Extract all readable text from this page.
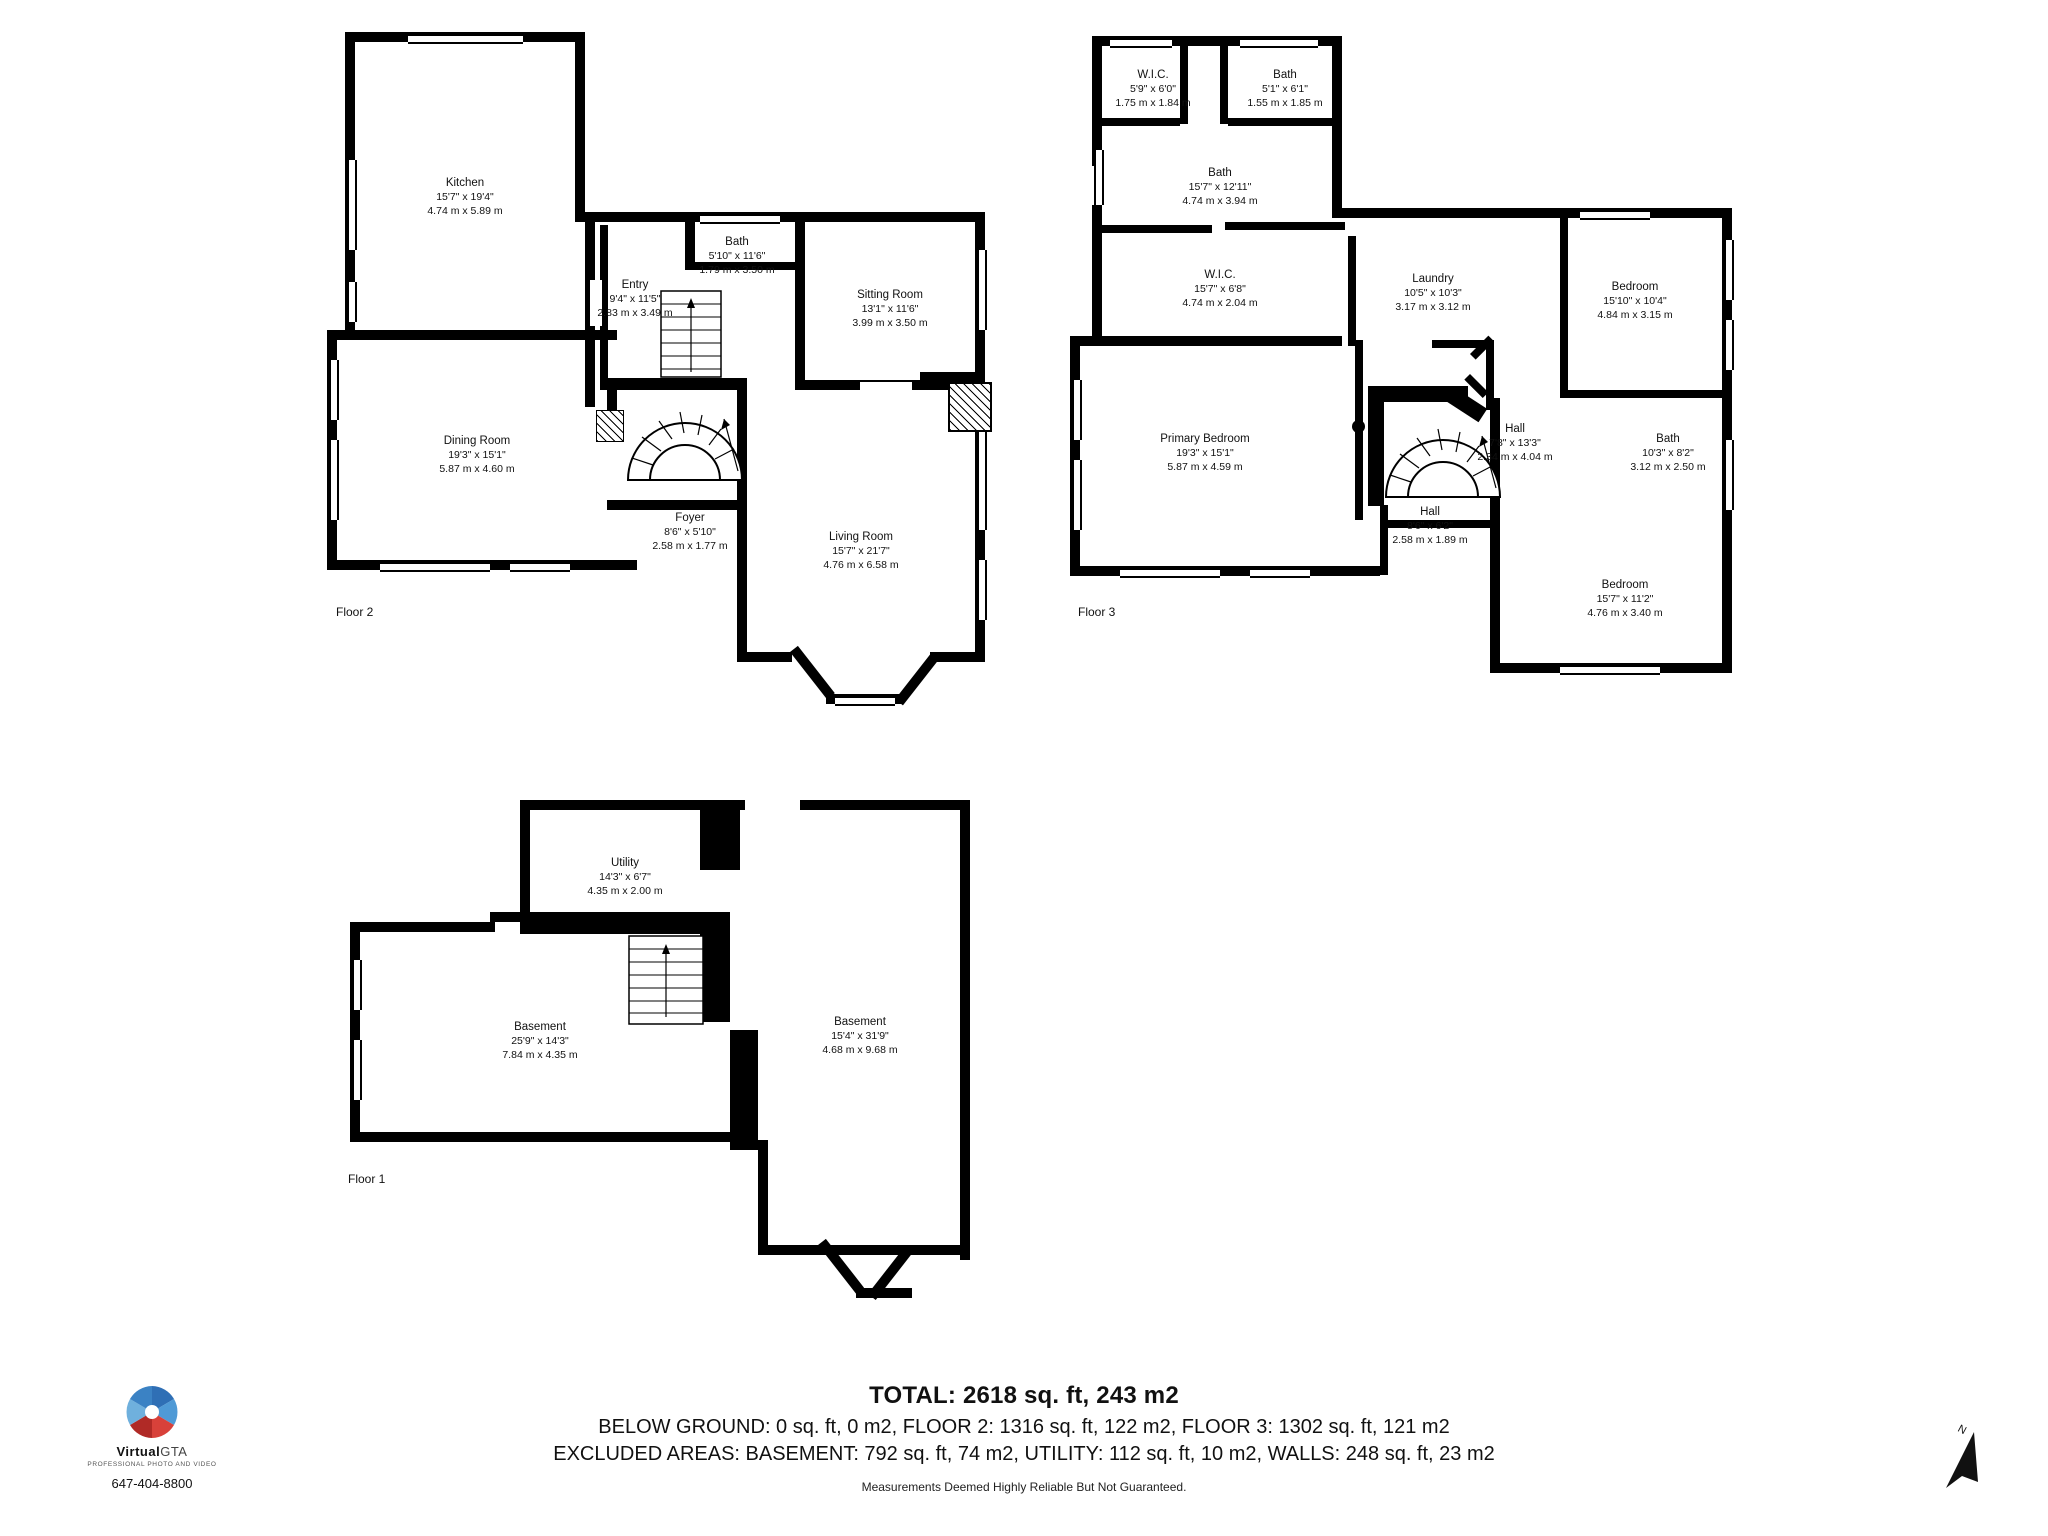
Kitchen
15'7" x 19'4"
4.74 m x 5.89 m
Bath
5'10" x 11'6"
1.79 m x 3.50 m
Entry
9'4" x 11'5"
2.83 m x 3.49 m
Sitting Room
13'1" x 11'6"
3.99 m x 3.50 m
Dining Room
19'3" x 15'1"
5.87 m x 4.60 m
Foyer
8'6" x 5'10"
2.58 m x 1.77 m
Living Room
15'7" x 21'7"
4.76 m x 6.58 m
Floor 2
W.I.C.
5'9" x 6'0"
1.75 m x 1.84 m
Bath
5'1" x 6'1"
1.55 m x 1.85 m
Bath
15'7" x 12'11"
4.74 m x 3.94 m
W.I.C.
15'7" x 6'8"
4.74 m x 2.04 m
Laundry
10'5" x 10'3"
3.17 m x 3.12 m
Bedroom
15'10" x 10'4"
4.84 m x 3.15 m
Primary Bedroom
19'3" x 15'1"
5.87 m x 4.59 m
Hall
7'8" x 13'3"
2.34 m x 4.04 m
Bath
10'3" x 8'2"
3.12 m x 2.50 m
Hall
8'6" x 6'2"
2.58 m x 1.89 m
Bedroom
15'7" x 11'2"
4.76 m x 3.40 m
Floor 3
Utility
14'3" x 6'7"
4.35 m x 2.00 m
Basement
25'9" x 14'3"
7.84 m x 4.35 m
Basement
15'4" x 31'9"
4.68 m x 9.68 m
Floor 1
TOTAL: 2618 sq. ft, 243 m2
BELOW GROUND: 0 sq. ft, 0 m2, FLOOR 2: 1316 sq. ft, 122 m2, FLOOR 3: 1302 sq. ft, 121 m2
EXCLUDED AREAS: BASEMENT: 792 sq. ft, 74 m2, UTILITY: 112 sq. ft, 10 m2, WALLS: 248 sq. ft, 23 m2
Measurements Deemed Highly Reliable But Not Guaranteed.
VirtualGTA
PROFESSIONAL PHOTO AND VIDEO
647-404-8800
N
